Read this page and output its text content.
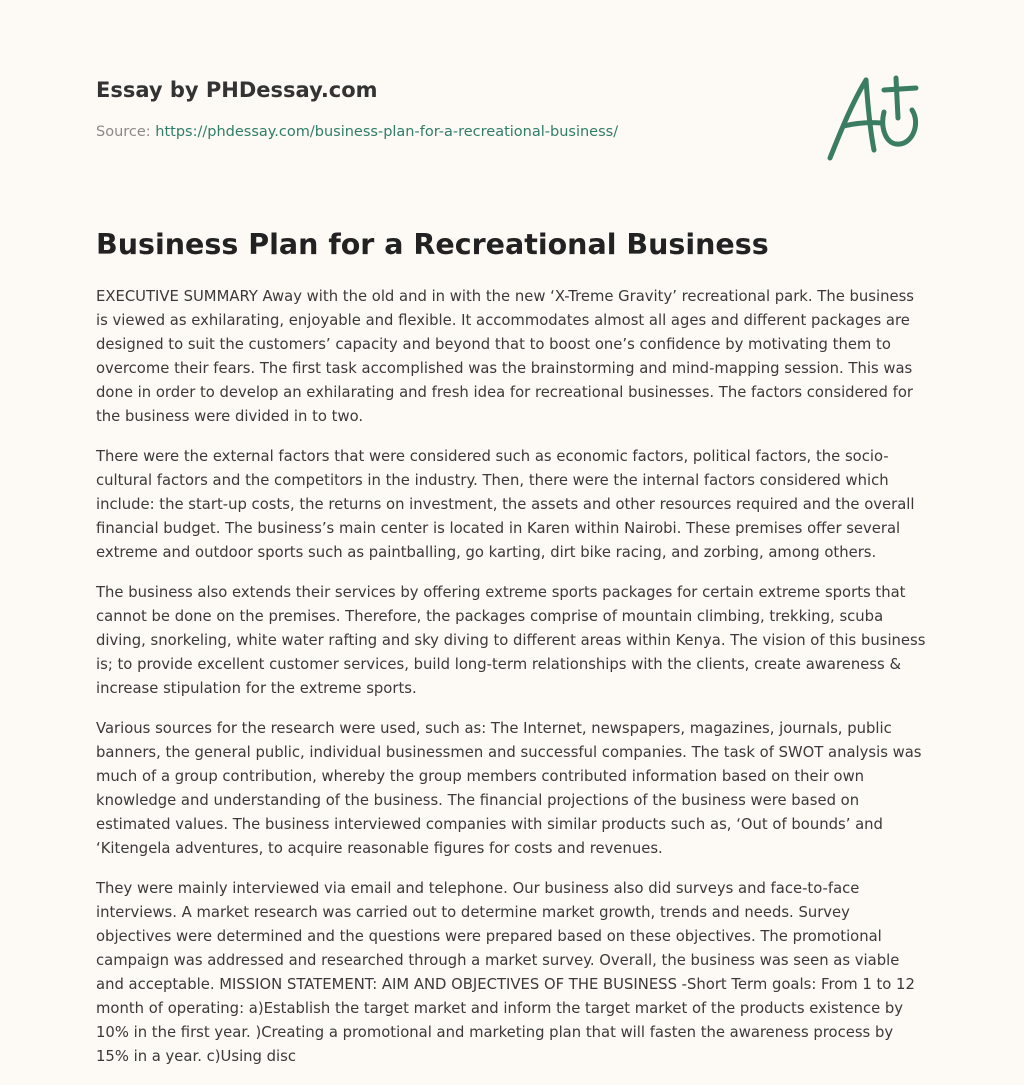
Essay by PHDessay.com

Source: https://phdessay.com/business-plan-for-a-recreational-business/
Business Plan for a Recreational Business

EXECUTIVE SUMMARY Away with the old and in with the new ‘X-Treme Gravity’ recreational park. The business is viewed as exhilarating, enjoyable and flexible. It accommodates almost all ages and different packages are designed to suit the customers’ capacity and beyond that to boost one’s confidence by motivating them to overcome their fears. The first task accomplished was the brainstorming and mind-mapping session. This was done in order to develop an exhilarating and fresh idea for recreational businesses. The factors considered for the business were divided in to two.

There were the external factors that were considered such as economic factors, political factors, the socio-cultural factors and the competitors in the industry. Then, there were the internal factors considered which include: the start-up costs, the returns on investment, the assets and other resources required and the overall financial budget. The business’s main center is located in Karen within Nairobi. These premises offer several extreme and outdoor sports such as paintballing, go karting, dirt bike racing, and zorbing, among others.

The business also extends their services by offering extreme sports packages for certain extreme sports that cannot be done on the premises. Therefore, the packages comprise of mountain climbing, trekking, scuba diving, snorkeling, white water rafting and sky diving to different areas within Kenya. The vision of this business is; to provide excellent customer services, build long-term relationships with the clients, create awareness & increase stipulation for the extreme sports.

Various sources for the research were used, such as: The Internet, newspapers, magazines, journals, public banners, the general public, individual businessmen and successful companies. The task of SWOT analysis was much of a group contribution, whereby the group members contributed information based on their own knowledge and understanding of the business. The financial projections of the business were based on estimated values. The business interviewed companies with similar products such as, ‘Out of bounds’ and ‘Kitengela adventures, to acquire reasonable figures for costs and revenues.

They were mainly interviewed via email and telephone. Our business also did surveys and face-to-face interviews. A market research was carried out to determine market growth, trends and needs. Survey objectives were determined and the questions were prepared based on these objectives. The promotional campaign was addressed and researched through a market survey. Overall, the business was seen as viable and acceptable. MISSION STATEMENT: AIM AND OBJECTIVES OF THE BUSINESS -Short Term goals: From 1 to 12 month of operating: a)Establish the target market and inform the target market of the products existence by 10% in the first year. )Creating a promotional and marketing plan that will fasten the awareness process by 15% in a year. c)Using disc
